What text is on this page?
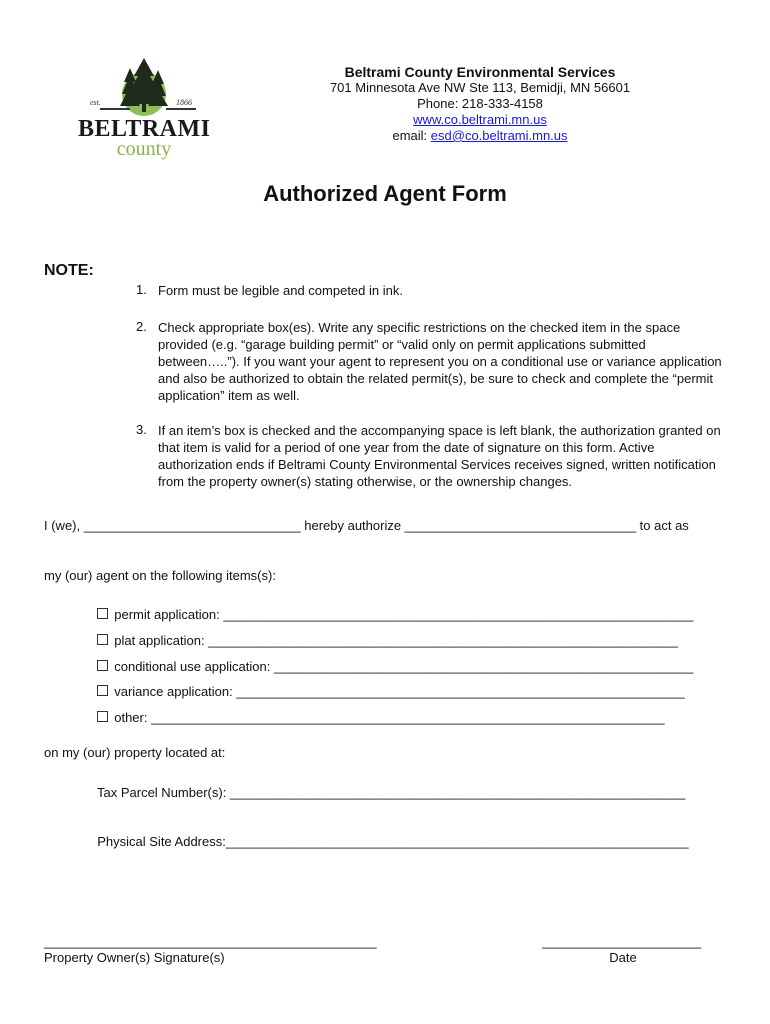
est.	1866
BELTRAMI
county
Beltrami County Environmental Services
701 Minnesota Ave NW Ste 113, Bemidji, MN 56601
Phone: 218-333-4158
www.co.beltrami.mn.us
email: esd@co.beltrami.mn.us
Authorized Agent Form
NOTE:
1. Form must be legible and competed in ink.
2. Check appropriate box(es). Write any specific restrictions on the checked item in the space provided (e.g. “garage building permit” or “valid only on permit applications submitted between…..”). If you want your agent to represent you on a conditional use or variance application and also be authorized to obtain the related permit(s), be sure to check and complete the “permit application” item as well.
3. If an item’s box is checked and the accompanying space is left blank, the authorization granted on that item is valid for a period of one year from the date of signature on this form. Active authorization ends if Beltrami County Environmental Services receives signed, written notification from the property owner(s) stating otherwise, or the ownership changes.
I (we), ______________________________ hereby authorize ________________________________ to act as
my (our) agent on the following items(s):

permit application: _________________________________________________________________

plat application: _________________________________________________________________

conditional use application: __________________________________________________________

variance application: ______________________________________________________________

other: _______________________________________________________________________

on my (our) property located at:

Tax Parcel Number(s): _______________________________________________________________

Physical Site Address:________________________________________________________________

______________________________________________
Property Owner(s) Signature(s)
______________________
Date
